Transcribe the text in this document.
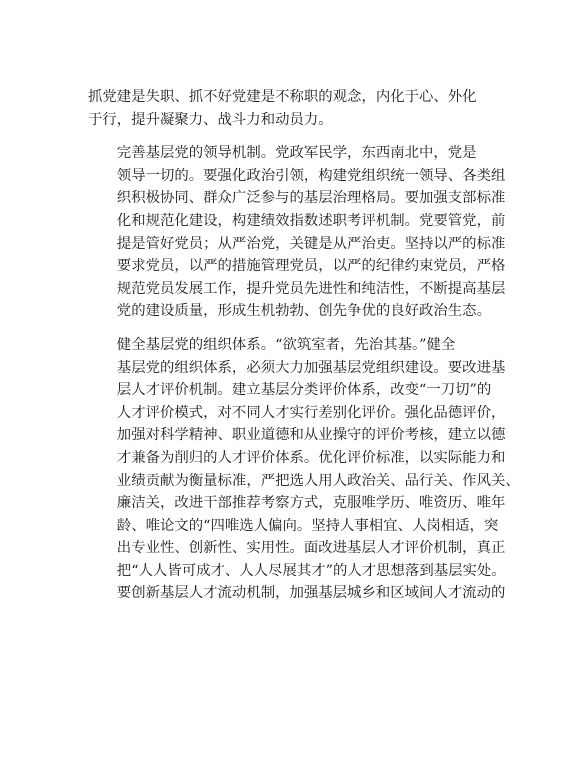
抓党建是失职、抓不好党建是不称职的观念，内化于心、外化
于行，提升凝聚力、战斗力和动员力。

完善基层党的领导机制。党政军民学，东西南北中，党是
领导一切的。要强化政治引领，构建党组织统一领导、各类组
织积极协同、群众广泛参与的基层治理格局。要加强支部标准
化和规范化建设，构建绩效指数述职考评机制。党要管党，前
提是管好党员；从严治党，关键是从严治吏。坚持以严的标准
要求党员，以严的措施管理党员，以严的纪律约束党员，严格
规范党员发展工作，提升党员先进性和纯洁性，不断提高基层
党的建设质量，形成生机勃勃、创先争优的良好政治生态。

健全基层党的组织体系。“欲筑室者，先治其基。”健全
基层党的组织体系，必须大力加强基层党组织建设。要改进基
层人才评价机制。建立基层分类评价体系，改变“一刀切”的
人才评价模式，对不同人才实行差别化评价。强化品德评价，
加强对科学精神、职业道德和从业操守的评价考核，建立以德
才兼备为削归的人才评价体系。优化评价标准，以实际能力和
业绩贡献为衡量标准，严把选人用人政治关、品行关、作风关、
廉洁关，改进干部推荐考察方式，克服唯学历、唯资历、唯年
龄、唯论文的“四唯选人偏向。坚持人事相宜、人岗相适，突
出专业性、创新性、实用性。面改进基层人才评价机制，真正
把“人人皆可成才、人人尽展其才”的人才思想落到基层实处。
要创新基层人才流动机制，加强基层城乡和区域间人才流动的
